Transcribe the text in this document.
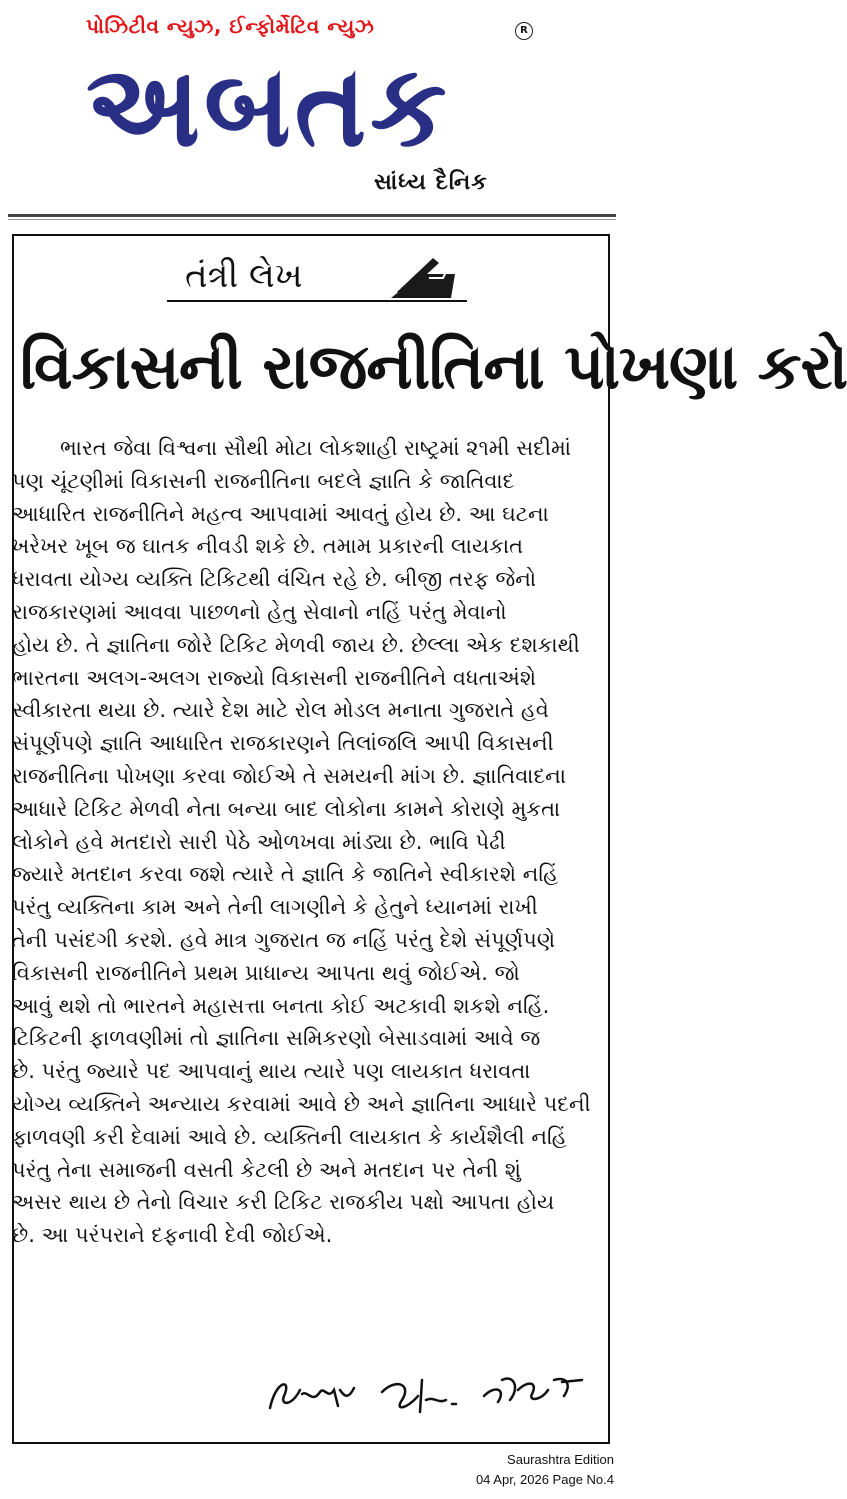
પોઝિટીવ ન્યુઝ, ઈન્ફોર્મેટિવ ન્યુઝ	R
અબતક
સાંધ્ય દૈનિક
તંત્રી લેખ
વિકાસની રાજનીતિના પોખણા કરો
ભારત જેવા વિશ્વના સૌથી મોટા લોકશાહી રાષ્ટ્રમાં ૨૧મી સદીમાં
પણ ચૂંટણીમાં વિકાસની રાજનીતિના બદલે જ્ઞાતિ કે જાતિવાદ
આધારિત રાજનીતિને મહત્વ આપવામાં આવતું હોય છે. આ ઘટના
ખરેખર ખૂબ જ ઘાતક નીવડી શકે છે. તમામ પ્રકારની લાયકાત
ધરાવતા યોગ્ય વ્યક્તિ ટિકિટથી વંચિત રહે છે. બીજી તરફ જેનો
રાજકારણમાં આવવા પાછળનો હેતુ સેવાનો નહિં પરંતુ મેવાનો
હોય છે. તે જ્ઞાતિના જોરે ટિકિટ મેળવી જાય છે. છેલ્લા એક દશકાથી
ભારતના અલગ-અલગ રાજ્યો વિકાસની રાજનીતિને વધતાઅંશે
સ્વીકારતા થયા છે. ત્યારે દેશ માટે રોલ મોડલ મનાતા ગુજરાતે હવે
સંપૂર્ણપણે જ્ઞાતિ આધારિત રાજકારણને તિલાંજલિ આપી વિકાસની
રાજનીતિના પોખણા કરવા જોઈએ તે સમયની માંગ છે. જ્ઞાતિવાદના
આધારે ટિકિટ મેળવી નેતા બન્યા બાદ લોકોના કામને કોરાણે મુકતા
લોકોને હવે મતદારો સારી પેઠે ઓળખવા માંડ્યા છે. ભાવિ પેઢી
જ્યારે મતદાન કરવા જશે ત્યારે તે જ્ઞાતિ કે જાતિને સ્વીકારશે નહિં
પરંતુ વ્યક્તિના કામ અને તેની લાગણીને કે હેતુને ધ્યાનમાં રાખી
તેની પસંદગી કરશે. હવે માત્ર ગુજરાત જ નહિં પરંતુ દેશે સંપૂર્ણપણે
વિકાસની રાજનીતિને પ્રથમ પ્રાધાન્ય આપતા થવું જોઈએ. જો
આવું થશે તો ભારતને મહાસત્તા બનતા કોઈ અટકાવી શકશે નહિં.
ટિકિટની ફાળવણીમાં તો જ્ઞાતિના સમિકરણો બેસાડવામાં આવે જ
છે. પરંતુ જ્યારે પદ આપવાનું થાય ત્યારે પણ લાયકાત ધરાવતા
યોગ્ય વ્યક્તિને અન્યાય કરવામાં આવે છે અને જ્ઞાતિના આધારે પદની
ફાળવણી કરી દેવામાં આવે છે. વ્યક્તિની લાયકાત કે કાર્યશૈલી નહિં
પરંતુ તેના સમાજની વસતી કેટલી છે અને મતદાન પર તેની શું
અસર થાય છે તેનો વિચાર કરી ટિકિટ રાજકીય પક્ષો આપતા હોય
છે. આ પરંપરાને દફનાવી દેવી જોઈએ.
Saurashtra Edition
04 Apr, 2026 Page No.4
